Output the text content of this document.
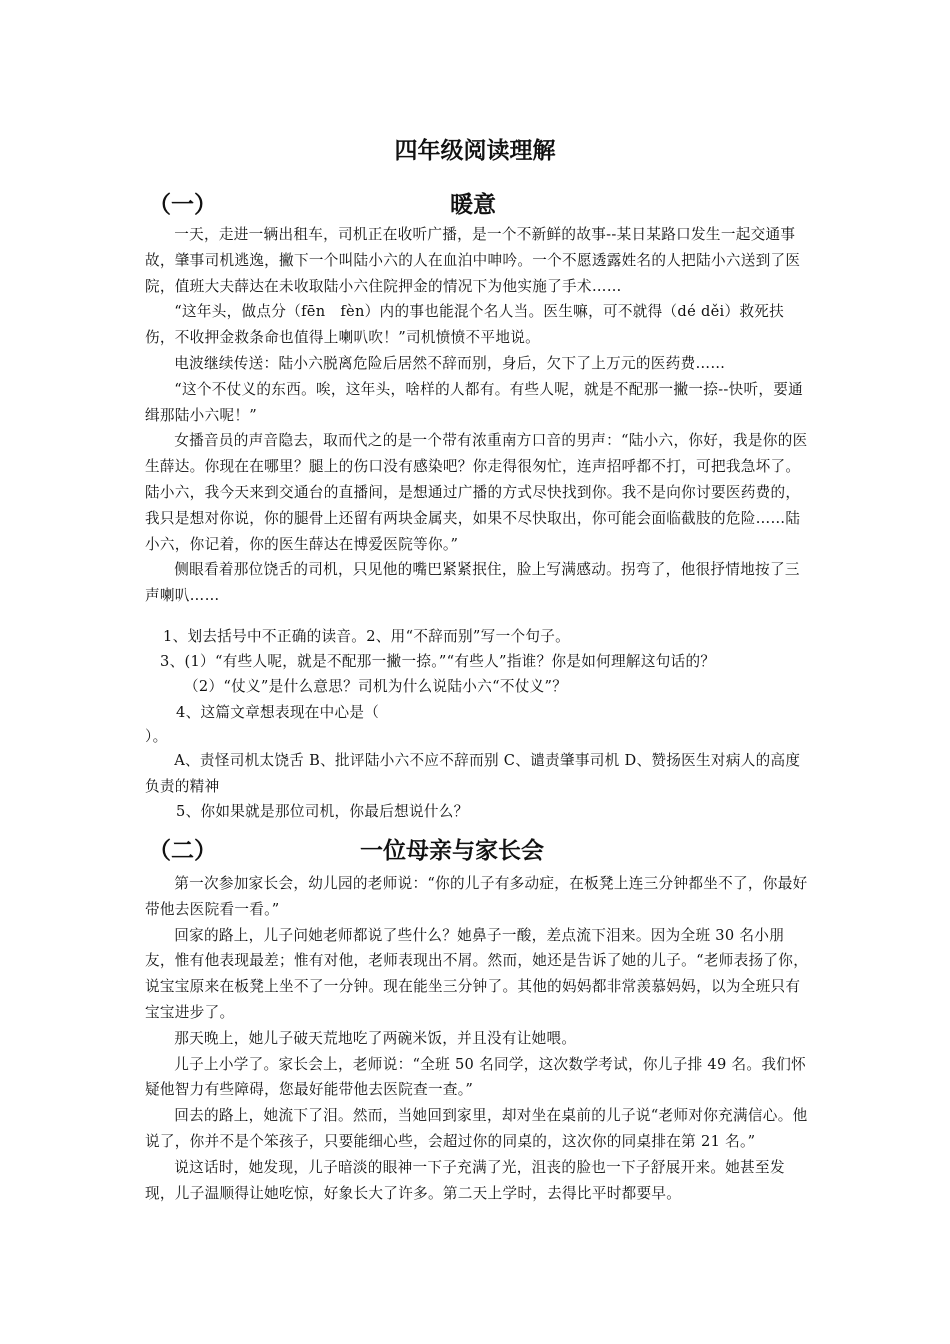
四年级阅读理解
（一）	暖意

一天，走进一辆出租车，司机正在收听广播，是一个不新鲜的故事--某日某路口发生一起交通事故，肇事司机逃逸，撇下一个叫陆小六的人在血泊中呻吟。一个不愿透露姓名的人把陆小六送到了医院，值班大夫薛达在未收取陆小六住院押金的情况下为他实施了手术……

“这年头，做点分（fēn　fèn）内的事也能混个名人当。医生嘛，可不就得（dé děi）救死扶伤，不收押金救条命也值得上喇叭吹！”司机愤愤不平地说。

电波继续传送：陆小六脱离危险后居然不辞而别，身后，欠下了上万元的医药费……

“这个不仗义的东西。唉，这年头，啥样的人都有。有些人呢，就是不配那一撇一捺--快听，要通缉那陆小六呢！”

女播音员的声音隐去，取而代之的是一个带有浓重南方口音的男声：“陆小六，你好，我是你的医生薛达。你现在在哪里？腿上的伤口没有感染吧？你走得很匆忙，连声招呼都不打，可把我急坏了。陆小六，我今天来到交通台的直播间，是想通过广播的方式尽快找到你。我不是向你讨要医药费的，我只是想对你说，你的腿骨上还留有两块金属夹，如果不尽快取出，你可能会面临截肢的危险……陆小六，你记着，你的医生薛达在博爱医院等你。”

侧眼看着那位饶舌的司机，只见他的嘴巴紧紧抿住，脸上写满感动。拐弯了，他很抒情地按了三声喇叭……

1、划去括号中不正确的读音。2、用“不辞而别”写一个句子。
3、(1）“有些人呢，就是不配那一撇一捺。”“有些人”指谁？你是如何理解这句话的？
（2）“仗义”是什么意思？司机为什么说陆小六“不仗义”？
4、这篇文章想表现在中心是（
）。

A、责怪司机太饶舌 B、批评陆小六不应不辞而别 C、谴责肇事司机 D、赞扬医生对病人的高度负责的精神

5、你如果就是那位司机，你最后想说什么？
（二）	一位母亲与家长会

第一次参加家长会，幼儿园的老师说：“你的儿子有多动症，在板凳上连三分钟都坐不了，你最好带他去医院看一看。”

回家的路上，儿子问她老师都说了些什么？她鼻子一酸，差点流下泪来。因为全班 30 名小朋友，惟有他表现最差；惟有对他，老师表现出不屑。然而，她还是告诉了她的儿子。“老师表扬了你，说宝宝原来在板凳上坐不了一分钟。现在能坐三分钟了。其他的妈妈都非常羡慕妈妈，以为全班只有宝宝进步了。

那天晚上，她儿子破天荒地吃了两碗米饭，并且没有让她喂。

儿子上小学了。家长会上，老师说：“全班 50 名同学，这次数学考试，你儿子排 49 名。我们怀疑他智力有些障碍，您最好能带他去医院查一查。”

回去的路上，她流下了泪。然而，当她回到家里，却对坐在桌前的儿子说“老师对你充满信心。他说了，你并不是个笨孩子，只要能细心些，会超过你的同桌的，这次你的同桌排在第 21 名。”

说这话时，她发现，儿子暗淡的眼神一下子充满了光，沮丧的脸也一下子舒展开来。她甚至发现，儿子温顺得让她吃惊，好象长大了许多。第二天上学时，去得比平时都要早。
